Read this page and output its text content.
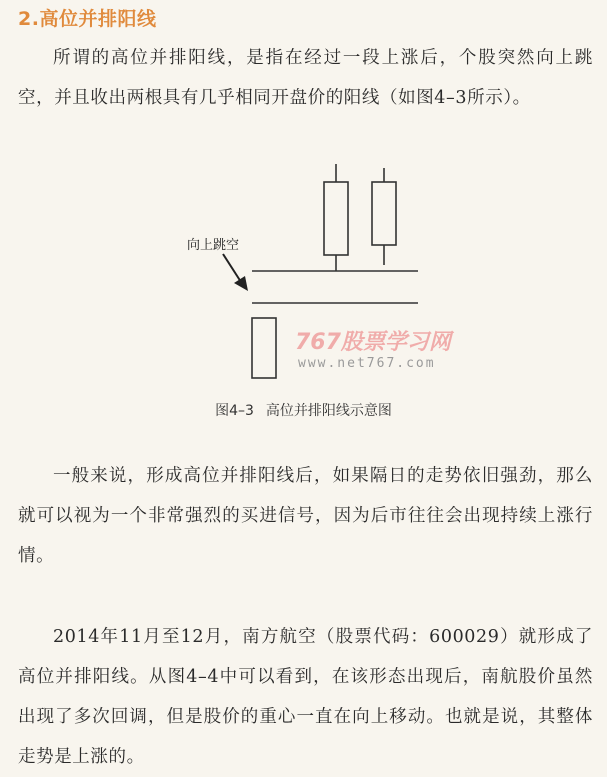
2.高位并排阳线

所谓的高位并排阳线，是指在经过一段上涨后，个股突然向上跳空，并且收出两根具有几乎相同开盘价的阳线（如图4–3所示）。

向上跳空
767股票学习网
www.net767.com
图4–3 高位并排阳线示意图

一般来说，形成高位并排阳线后，如果隔日的走势依旧强劲，那么就可以视为一个非常强烈的买进信号，因为后市往往会出现持续上涨行情。

2014年11月至12月，南方航空（股票代码：600029）就形成了高位并排阳线。从图4–4中可以看到，在该形态出现后，南航股价虽然出现了多次回调，但是股价的重心一直在向上移动。也就是说，其整体走势是上涨的。
